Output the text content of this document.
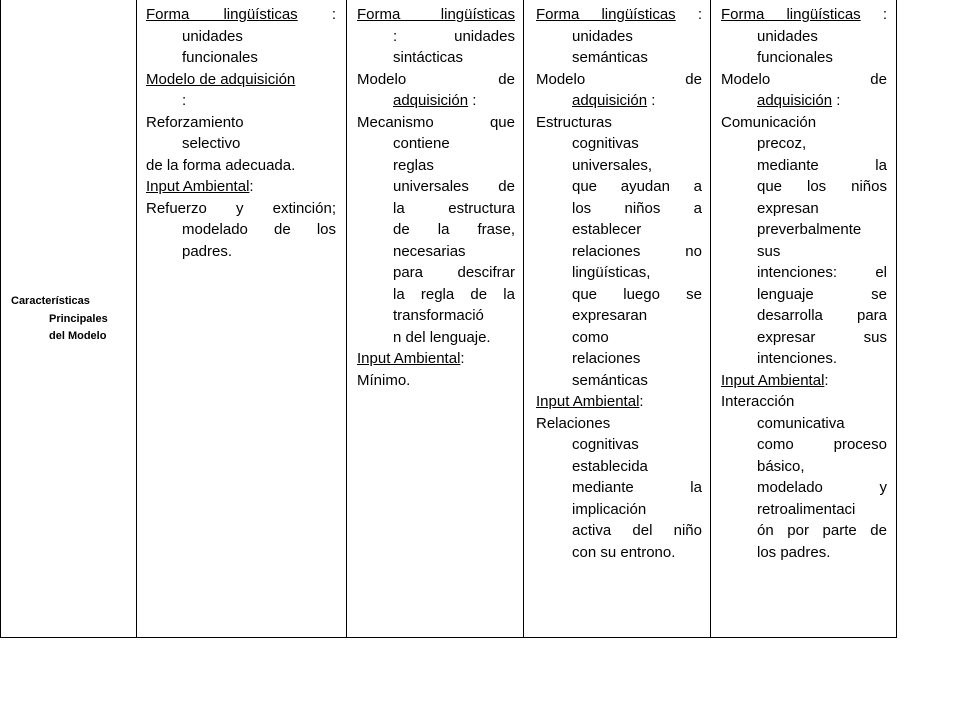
Características
Principales
del Modelo
Forma lingüísticas :
unidades
funcionales
Modelo de adquisición
:
Reforzamiento
selectivo
de la forma adecuada.
Input Ambiental:
Refuerzo y extinción;
modelado de los
padres.
Forma lingüísticas
: unidades
sintácticas
Modelo de
adquisición :
Mecanismo que
contiene
reglas
universales de
la estructura
de la frase,
necesarias
para descifrar
la regla de la
transformació
n del lenguaje.
Input Ambiental:
Mínimo.
Forma lingüísticas :
unidades
semánticas
Modelo de
adquisición :
Estructuras
cognitivas
universales,
que ayudan a
los niños a
establecer
relaciones no
lingüísticas,
que luego se
expresaran
como
relaciones
semánticas
Input Ambiental:
Relaciones
cognitivas
establecida
mediante la
implicación
activa del niño
con su entrono.
Forma lingüísticas :
unidades
funcionales
Modelo de
adquisición :
Comunicación
precoz,
mediante la
que los niños
expresan
preverbalmente
sus
intenciones: el
lenguaje se
desarrolla para
expresar sus
intenciones.
Input Ambiental:
Interacción
comunicativa
como proceso
básico,
modelado y
retroalimentaci
ón por parte de
los padres.
